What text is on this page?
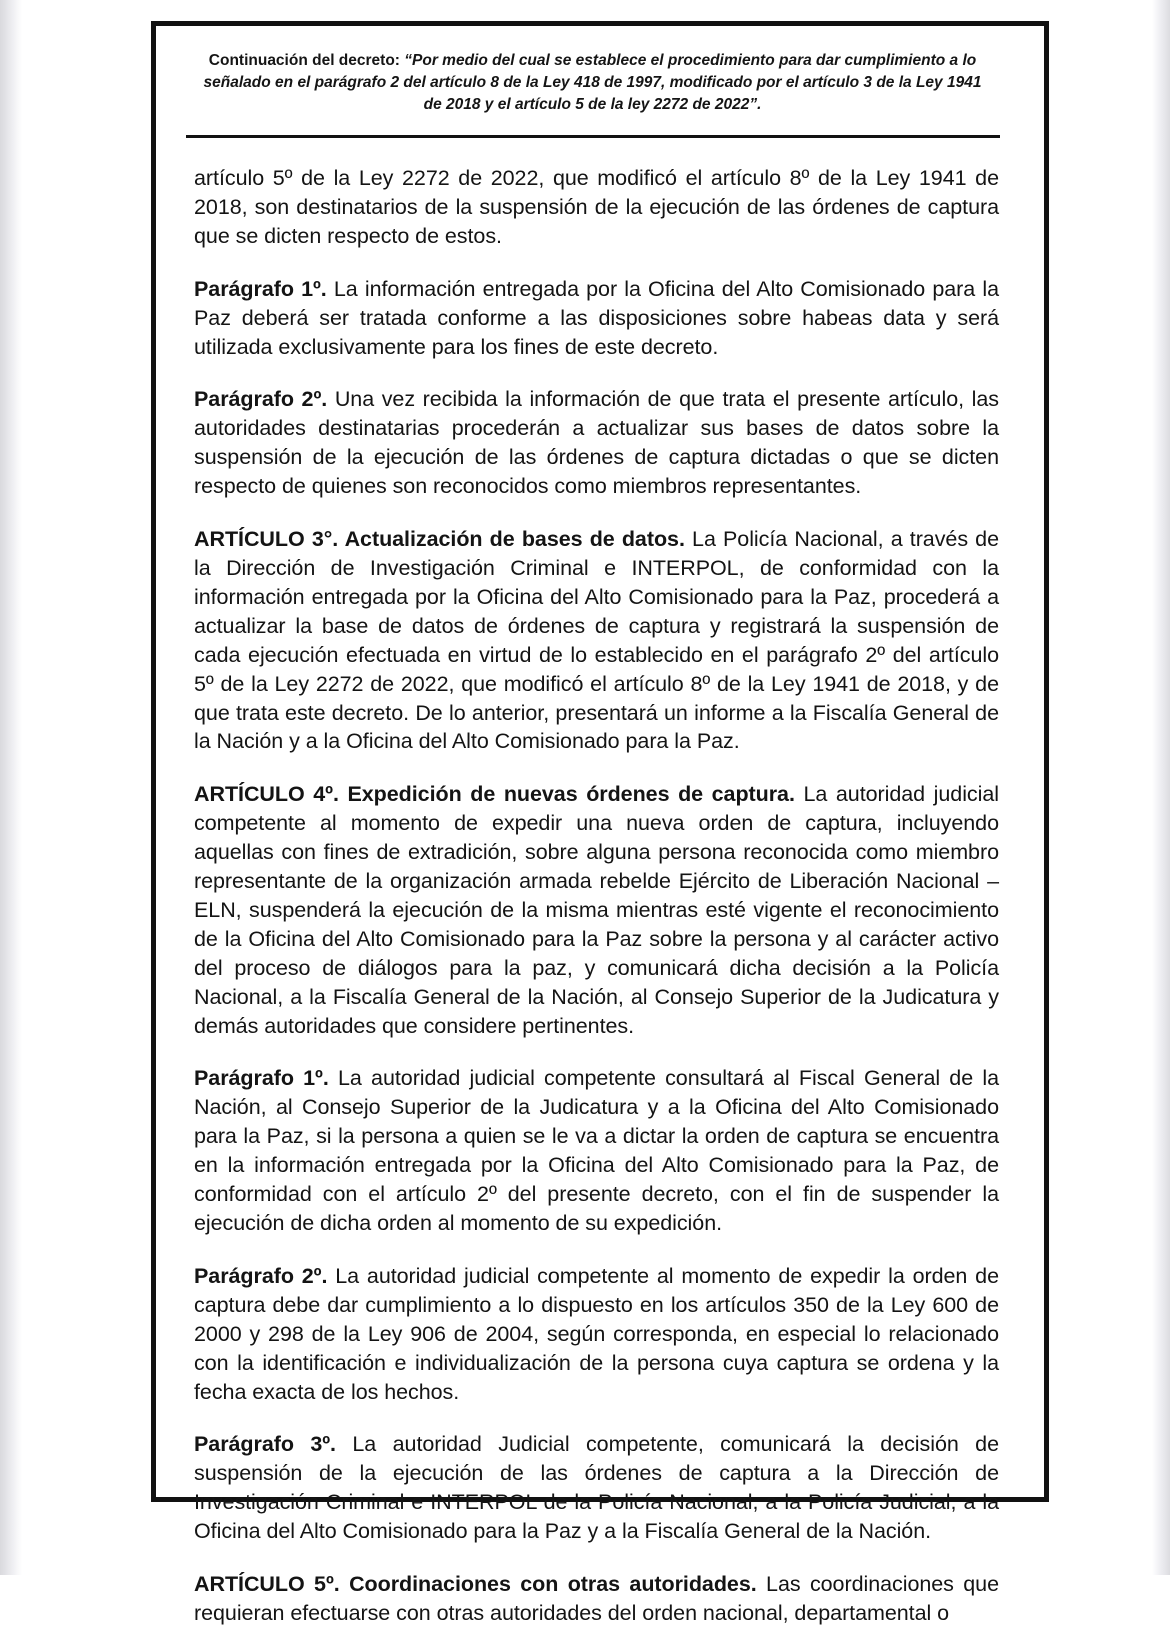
Continuación del decreto: “Por medio del cual se establece el procedimiento para dar cumplimiento a lo señalado en el parágrafo 2 del artículo 8 de la Ley 418 de 1997, modificado por el artículo 3 de la Ley 1941 de 2018 y el artículo 5 de la ley 2272 de 2022”.

artículo 5º de la Ley 2272 de 2022, que modificó el artículo 8º de la Ley 1941 de 2018, son destinatarios de la suspensión de la ejecución de las órdenes de captura que se dicten respecto de estos.

Parágrafo 1º. La información entregada por la Oficina del Alto Comisionado para la Paz deberá ser tratada conforme a las disposiciones sobre habeas data y será utilizada exclusivamente para los fines de este decreto.

Parágrafo 2º. Una vez recibida la información de que trata el presente artículo, las autoridades destinatarias procederán a actualizar sus bases de datos sobre la suspensión de la ejecución de las órdenes de captura dictadas o que se dicten respecto de quienes son reconocidos como miembros representantes.

ARTÍCULO 3°. Actualización de bases de datos. La Policía Nacional, a través de la Dirección de Investigación Criminal e INTERPOL, de conformidad con la información entregada por la Oficina del Alto Comisionado para la Paz, procederá a actualizar la base de datos de órdenes de captura y registrará la suspensión de cada ejecución efectuada en virtud de lo establecido en el parágrafo 2º del artículo 5º de la Ley 2272 de 2022, que modificó el artículo 8º de la Ley 1941 de 2018, y de que trata este decreto. De lo anterior, presentará un informe a la Fiscalía General de la Nación y a la Oficina del Alto Comisionado para la Paz.

ARTÍCULO 4º. Expedición de nuevas órdenes de captura. La autoridad judicial competente al momento de expedir una nueva orden de captura, incluyendo aquellas con fines de extradición, sobre alguna persona reconocida como miembro representante de la organización armada rebelde Ejército de Liberación Nacional – ELN, suspenderá la ejecución de la misma mientras esté vigente el reconocimiento de la Oficina del Alto Comisionado para la Paz sobre la persona y al carácter activo del proceso de diálogos para la paz, y comunicará dicha decisión a la Policía Nacional, a la Fiscalía General de la Nación, al Consejo Superior de la Judicatura y demás autoridades que considere pertinentes.

Parágrafo 1º. La autoridad judicial competente consultará al Fiscal General de la Nación, al Consejo Superior de la Judicatura y a la Oficina del Alto Comisionado para la Paz, si la persona a quien se le va a dictar la orden de captura se encuentra en la información entregada por la Oficina del Alto Comisionado para la Paz, de conformidad con el artículo 2º del presente decreto, con el fin de suspender la ejecución de dicha orden al momento de su expedición.

Parágrafo 2º. La autoridad judicial competente al momento de expedir la orden de captura debe dar cumplimiento a lo dispuesto en los artículos 350 de la Ley 600 de 2000 y 298 de la Ley 906 de 2004, según corresponda, en especial lo relacionado con la identificación e individualización de la persona cuya captura se ordena y la fecha exacta de los hechos.

Parágrafo 3º. La autoridad Judicial competente, comunicará la decisión de suspensión de la ejecución de las órdenes de captura a la Dirección de Investigación Criminal e INTERPOL de la Policía Nacional, a la Policía Judicial, a la Oficina del Alto Comisionado para la Paz y a la Fiscalía General de la Nación.

ARTÍCULO 5º. Coordinaciones con otras autoridades. Las coordinaciones que requieran efectuarse con otras autoridades del orden nacional, departamental o
